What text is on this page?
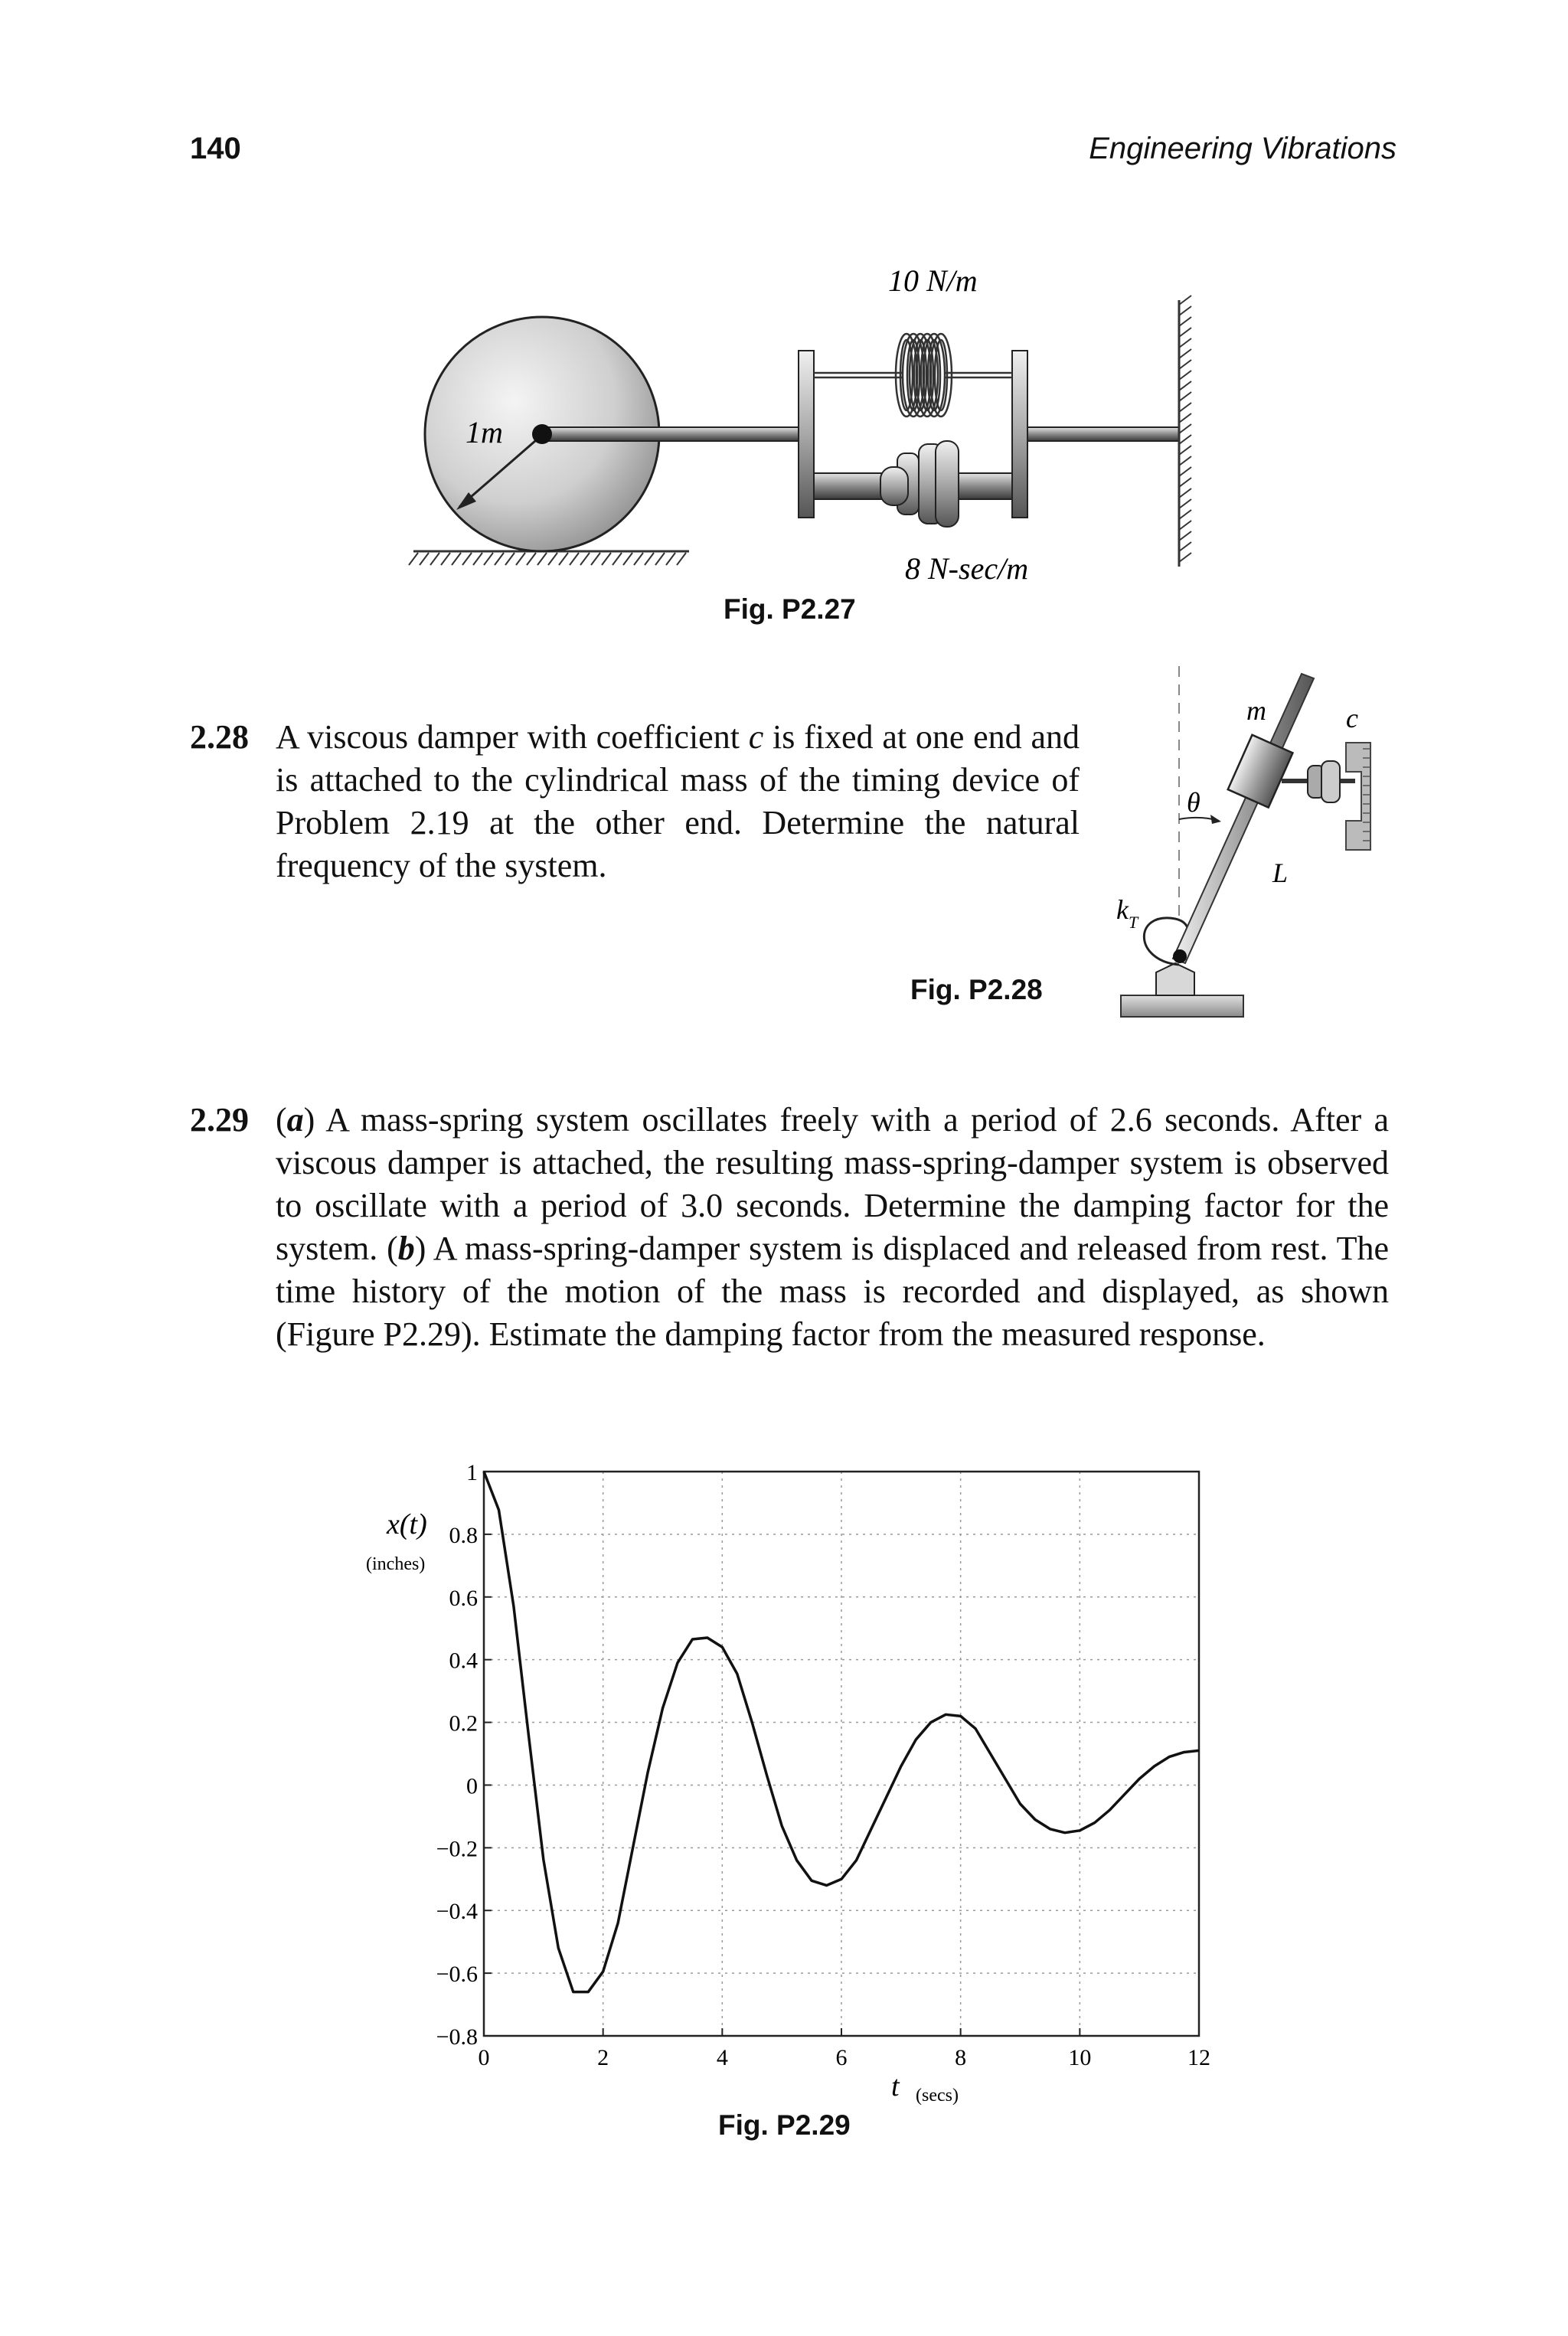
140	Engineering Vibrations
1m
10 N/m
8 N-sec/m
Fig. P2.27
2.28 A viscous damper with coefficient c is fixed at one end and is attached to the cylindrical mass of the timing device of Problem 2.19 at the other end. Determine the natural frequency of the system.

m	c
θ
L
$k_T$
Fig. P2.28
2.29 (a) A mass-spring system oscillates freely with a period of 2.6 seconds. After a viscous damper is attached, the resulting mass-spring-damper system is observed to oscillate with a period of 3.0 seconds. Determine the damping factor for the system. (b) A mass-spring-damper system is displaced and released from rest. The time history of the motion of the mass is recorded and displayed, as shown (Figure P2.29). Estimate the damping factor from the measured response.

0	2	4	6	8	10	12
1
0.8
0.6
0.4
0.2
0
−0.2
−0.4
−0.6
−0.8
x(t)
(inches)
t (secs)
Fig. P2.29
